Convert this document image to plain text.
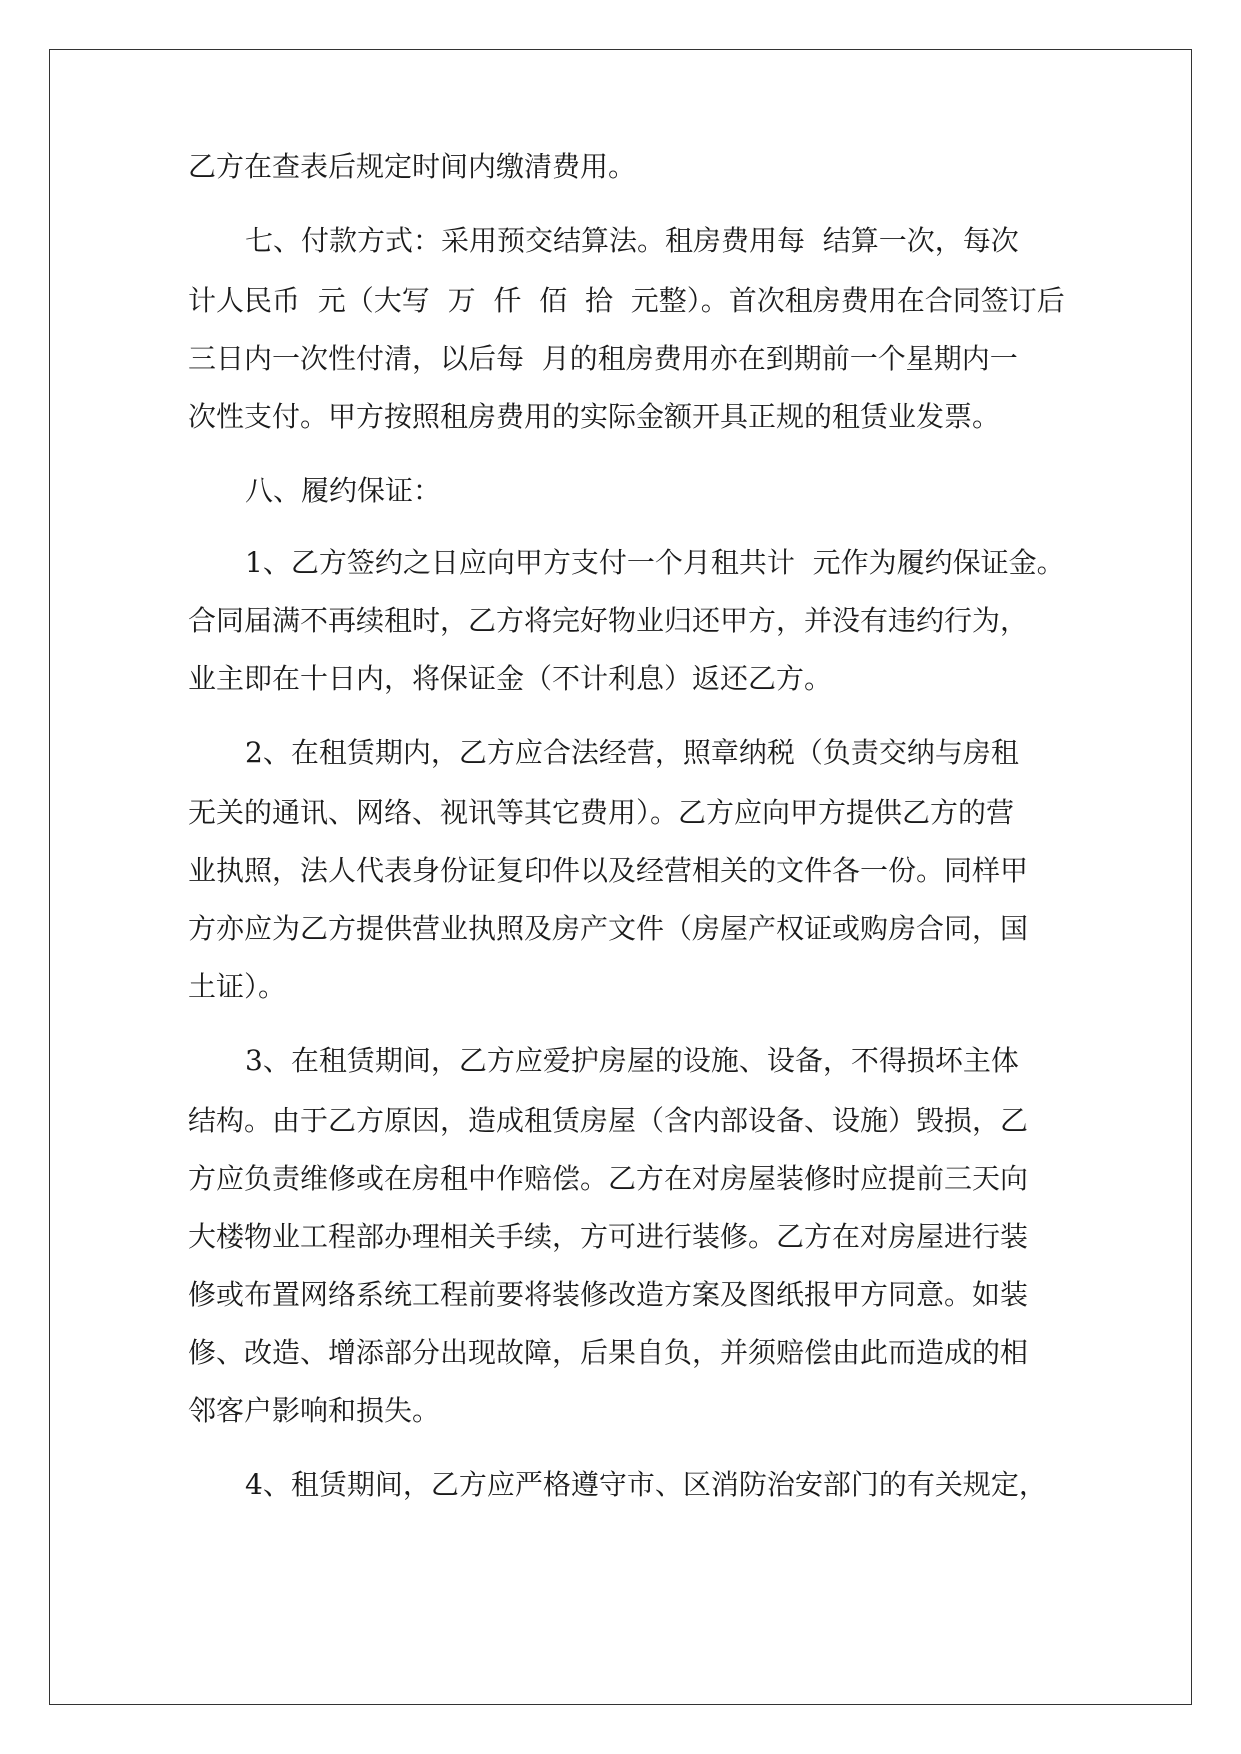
乙方在查表后规定时间内缴清费用。
七、付款方式：采用预交结算法。租房费用每  结算一次，每次
计人民币  元（大写  万  仟  佰  拾  元整）。首次租房费用在合同签订后
三日内一次性付清，以后每  月的租房费用亦在到期前一个星期内一
次性支付。甲方按照租房费用的实际金额开具正规的租赁业发票。
八、履约保证：
1、乙方签约之日应向甲方支付一个月租共计  元作为履约保证金。
合同届满不再续租时，乙方将完好物业归还甲方，并没有违约行为，
业主即在十日内，将保证金（不计利息）返还乙方。
2、在租赁期内，乙方应合法经营，照章纳税（负责交纳与房租
无关的通讯、网络、视讯等其它费用）。乙方应向甲方提供乙方的营
业执照，法人代表身份证复印件以及经营相关的文件各一份。同样甲
方亦应为乙方提供营业执照及房产文件（房屋产权证或购房合同，国
土证）。
3、在租赁期间，乙方应爱护房屋的设施、设备，不得损坏主体
结构。由于乙方原因，造成租赁房屋（含内部设备、设施）毁损，乙
方应负责维修或在房租中作赔偿。乙方在对房屋装修时应提前三天向
大楼物业工程部办理相关手续，方可进行装修。乙方在对房屋进行装
修或布置网络系统工程前要将装修改造方案及图纸报甲方同意。如装
修、改造、增添部分出现故障，后果自负，并须赔偿由此而造成的相
邻客户影响和损失。
4、租赁期间，乙方应严格遵守市、区消防治安部门的有关规定，
